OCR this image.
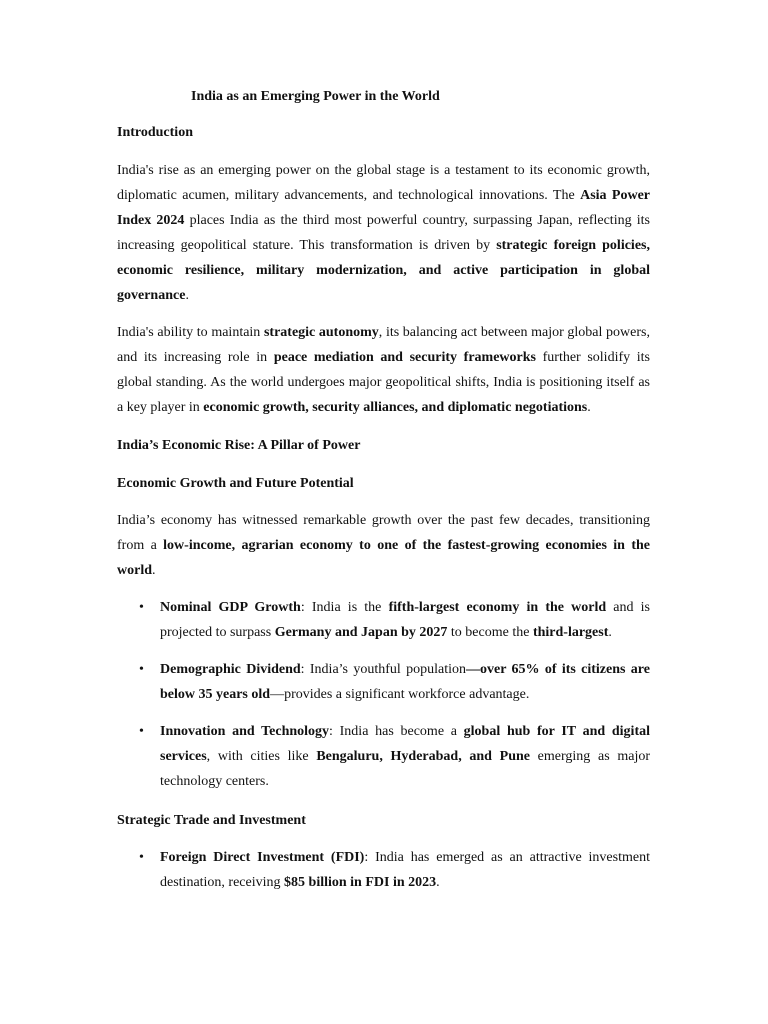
India as an Emerging Power in the World

Introduction

India's rise as an emerging power on the global stage is a testament to its economic growth, diplomatic acumen, military advancements, and technological innovations. The Asia Power Index 2024 places India as the third most powerful country, surpassing Japan, reflecting its increasing geopolitical stature. This transformation is driven by strategic foreign policies, economic resilience, military modernization, and active participation in global governance.

India's ability to maintain strategic autonomy, its balancing act between major global powers, and its increasing role in peace mediation and security frameworks further solidify its global standing. As the world undergoes major geopolitical shifts, India is positioning itself as a key player in economic growth, security alliances, and diplomatic negotiations.

India’s Economic Rise: A Pillar of Power

Economic Growth and Future Potential

India’s economy has witnessed remarkable growth over the past few decades, transitioning from a low-income, agrarian economy to one of the fastest-growing economies in the world.

• Nominal GDP Growth: India is the fifth-largest economy in the world and is projected to surpass Germany and Japan by 2027 to become the third-largest.
• Demographic Dividend: India’s youthful population—over 65% of its citizens are below 35 years old—provides a significant workforce advantage.
• Innovation and Technology: India has become a global hub for IT and digital services, with cities like Bengaluru, Hyderabad, and Pune emerging as major technology centers.

Strategic Trade and Investment

• Foreign Direct Investment (FDI): India has emerged as an attractive investment destination, receiving $85 billion in FDI in 2023.
